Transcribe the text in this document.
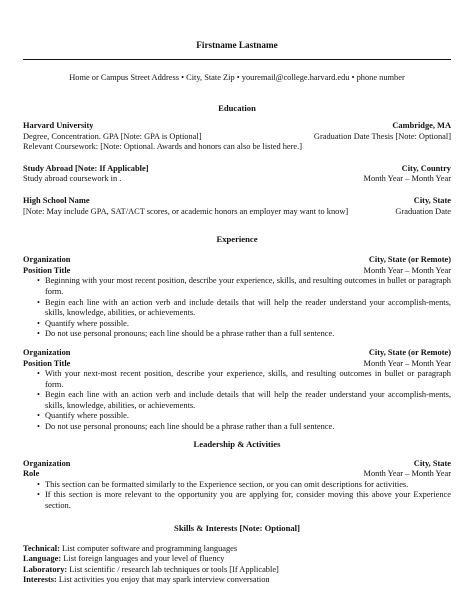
Firstname Lastname
Home or Campus Street Address • City, State Zip • youremail@college.harvard.edu • phone number
Education
Harvard University	Cambridge, MA
Degree, Concentration. GPA [Note: GPA is Optional]	Graduation Date Thesis [Note: Optional]
Relevant Coursework: [Note: Optional. Awards and honors can also be listed here.]
Study Abroad [Note: If Applicable]	City, Country
Study abroad coursework in .	Month Year – Month Year
High School Name	City, State
[Note: May include GPA, SAT/ACT scores, or academic honors an employer may want to know]	Graduation Date
Experience
Organization	City, State (or Remote)
Position Title	Month Year – Month Year
• Beginning with your most recent position, describe your experience, skills, and resulting outcomes in bullet or paragraph form.
• Begin each line with an action verb and include details that will help the reader understand your accomplish-ments, skills, knowledge, abilities, or achievements.
• Quantify where possible.
• Do not use personal pronouns; each line should be a phrase rather than a full sentence.
Organization	City, State (or Remote)
Position Title	Month Year – Month Year
• With your next-most recent position, describe your experience, skills, and resulting outcomes in bullet or paragraph form.
• Begin each line with an action verb and include details that will help the reader understand your accomplish-ments, skills, knowledge, abilities, or achievements.
• Quantify where possible.
• Do not use personal pronouns; each line should be a phrase rather than a full sentence.
Leadership & Activities
Organization	City, State
Role	Month Year – Month Year
• This section can be formatted similarly to the Experience section, or you can omit descriptions for activities.
• If this section is more relevant to the opportunity you are applying for, consider moving this above your Experience section.
Skills & Interests [Note: Optional]
Technical: List computer software and programming languages
Language: List foreign languages and your level of fluency
Laboratory: List scientific / research lab techniques or tools [If Applicable]
Interests: List activities you enjoy that may spark interview conversation
